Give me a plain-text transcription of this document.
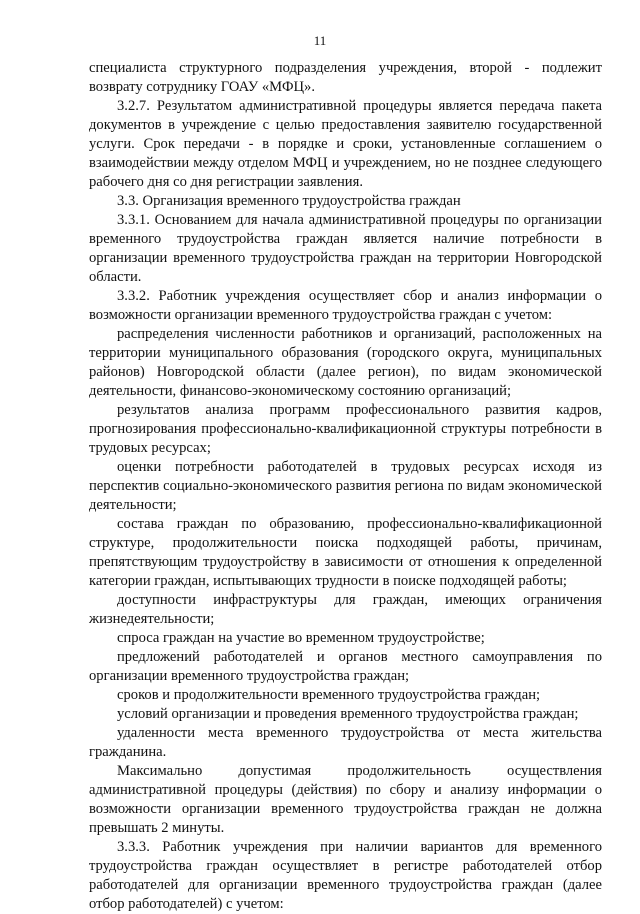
11

специалиста структурного подразделения учреждения, второй - подлежит возврату сотруднику ГОАУ «МФЦ».

3.2.7. Результатом административной процедуры является передача пакета документов в учреждение с целью предоставления заявителю государственной услуги. Срок передачи - в порядке и сроки, установленные соглашением о взаимодействии между отделом МФЦ и учреждением, но не позднее следующего рабочего дня со дня регистрации заявления.

3.3. Организация временного трудоустройства граждан

3.3.1. Основанием для начала административной процедуры по организации временного трудоустройства граждан является наличие потребности в организации временного трудоустройства граждан на территории Новгородской области.

3.3.2. Работник учреждения осуществляет сбор и анализ информации о возможности организации временного трудоустройства граждан с учетом:

распределения численности работников и организаций, расположенных на территории муниципального образования (городского округа, муниципальных районов) Новгородской области (далее регион), по видам экономической деятельности, финансово-экономическому состоянию организаций;

результатов анализа программ профессионального развития кадров, прогнозирования профессионально-квалификационной структуры потребности в трудовых ресурсах;

оценки потребности работодателей в трудовых ресурсах исходя из перспектив социально-экономического развития региона по видам экономической деятельности;

состава граждан по образованию, профессионально-квалификационной структуре, продолжительности поиска подходящей работы, причинам, препятствующим трудоустройству в зависимости от отношения к определенной категории граждан, испытывающих трудности в поиске подходящей работы;

доступности инфраструктуры для граждан, имеющих ограничения жизнедеятельности;

спроса граждан на участие во временном трудоустройстве;

предложений работодателей и органов местного самоуправления по организации временного трудоустройства граждан;

сроков и продолжительности временного трудоустройства граждан;

условий организации и проведения временного трудоустройства граждан;

удаленности места временного трудоустройства от места жительства гражданина.

Максимально допустимая продолжительность осуществления административной процедуры (действия) по сбору и анализу информации о возможности организации временного трудоустройства граждан не должна превышать 2 минуты.

3.3.3. Работник учреждения при наличии вариантов для временного трудоустройства граждан осуществляет в регистре работодателей отбор работодателей для организации временного трудоустройства граждан (далее отбор работодателей) с учетом:
